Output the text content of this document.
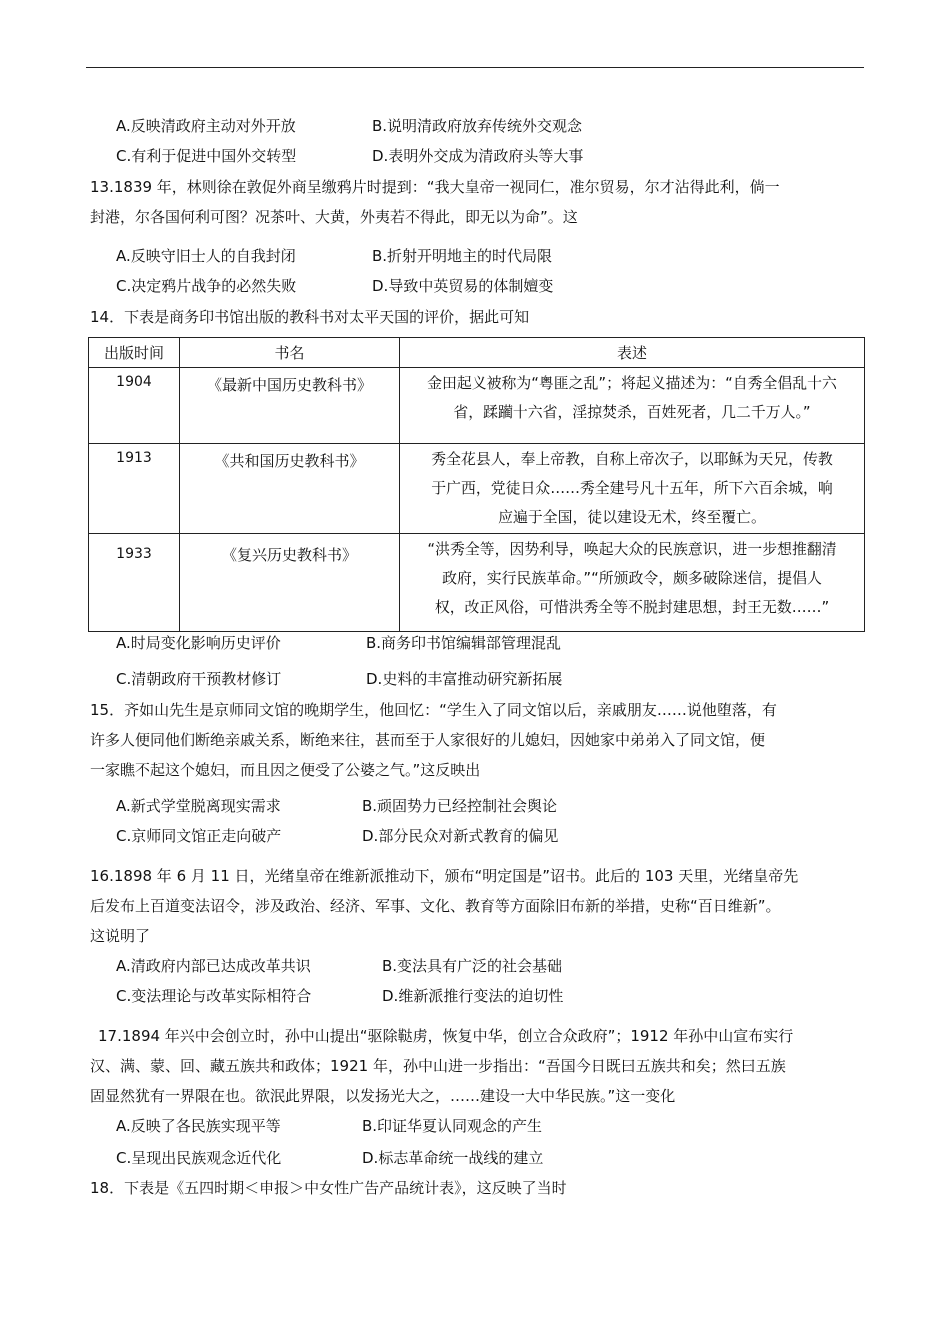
A.反映清政府主动对外开放	B.说明清政府放弃传统外交观念
C.有利于促进中国外交转型	D.表明外交成为清政府头等大事
13.1839 年，林则徐在敦促外商呈缴鸦片时提到：“我大皇帝一视同仁，准尔贸易，尔才沾得此利，倘一
封港，尔各国何利可图？况茶叶、大黄，外夷若不得此，即无以为命”。这
A.反映守旧士人的自我封闭	B.折射开明地主的时代局限
C.决定鸦片战争的必然失败	D.导致中英贸易的体制嬗变
14．下表是商务印书馆出版的教科书对太平天国的评价，据此可知
出版时间	书名	表述
1904	《最新中国历史教科书》	金田起义被称为“粤匪之乱”；将起义描述为：“自秀全倡乱十六
省，蹂躏十六省，淫掠焚杀，百姓死者，几二千万人。”

1913	《共和国历史教科书》	秀全花县人，奉上帝教，自称上帝次子，以耶稣为天兄，传教
于广西，党徒日众……秀全建号凡十五年，所下六百余城，响
应遍于全国，徒以建设无术，终至覆亡。

1933	《复兴历史教科书》	“洪秀全等，因势利导，唤起大众的民族意识，进一步想推翻清
政府，实行民族革命。”“所颁政令，颇多破除迷信，提倡人
权，改正风俗，可惜洪秀全等不脱封建思想，封王无数……”
A.时局变化影响历史评价	B.商务印书馆编辑部管理混乱
C.清朝政府干预教材修订	D.史料的丰富推动研究新拓展
15．齐如山先生是京师同文馆的晚期学生，他回忆：“学生入了同文馆以后，亲戚朋友……说他堕落，有
许多人便同他们断绝亲戚关系，断绝来往，甚而至于人家很好的儿媳妇，因她家中弟弟入了同文馆，便
一家瞧不起这个媳妇，而且因之便受了公婆之气。”这反映出
A.新式学堂脱离现实需求	B.顽固势力已经控制社会舆论
C.京师同文馆正走向破产	D.部分民众对新式教育的偏见
16.1898 年 6 月 11 日，光绪皇帝在维新派推动下，颁布“明定国是”诏书。此后的 103 天里，光绪皇帝先
后发布上百道变法诏令，涉及政治、经济、军事、文化、教育等方面除旧布新的举措，史称“百日维新”。
这说明了
A.清政府内部已达成改革共识	B.变法具有广泛的社会基础
C.变法理论与改革实际相符合	D.维新派推行变法的迫切性
17.1894 年兴中会创立时，孙中山提出“驱除鞑虏，恢复中华，创立合众政府”；1912 年孙中山宣布实行
汉、满、蒙、回、藏五族共和政体；1921 年，孙中山进一步指出：“吾国今日既曰五族共和矣；然曰五族
固显然犹有一界限在也。欲泯此界限，以发扬光大之，……建设一大中华民族。”这一变化
A.反映了各民族实现平等	B.印证华夏认同观念的产生
C.呈现出民族观念近代化	D.标志革命统一战线的建立
18．下表是《五四时期＜申报＞中女性广告产品统计表》，这反映了当时
